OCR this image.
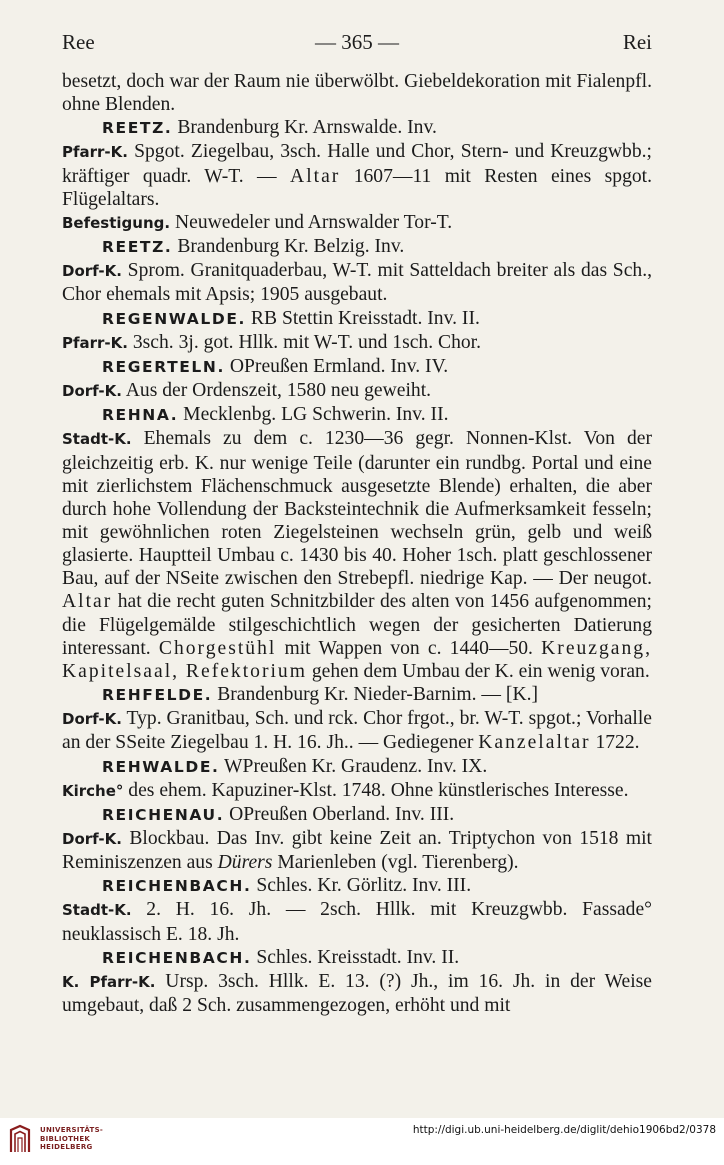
Ree	— 365 —	Rei

besetzt, doch war der Raum nie überwölbt. Giebeldekoration mit Fialenpfl. ohne Blenden.

REETZ. Brandenburg Kr. Arnswalde. Inv.

Pfarr-K. Spgot. Ziegelbau, 3sch. Halle und Chor, Stern- und Kreuzgwbb.; kräftiger quadr. W-T. — Altar 1607—11 mit Resten eines spgot. Flügelaltars.

Befestigung. Neuwedeler und Arnswalder Tor-T.

REETZ. Brandenburg Kr. Belzig. Inv.

Dorf-K. Sprom. Granitquaderbau, W-T. mit Satteldach breiter als das Sch., Chor ehemals mit Apsis; 1905 ausgebaut.

REGENWALDE. RB Stettin Kreisstadt. Inv. II.

Pfarr-K. 3sch. 3j. got. Hllk. mit W-T. und 1sch. Chor.

REGERTELN. OPreußen Ermland. Inv. IV.

Dorf-K. Aus der Ordenszeit, 1580 neu geweiht.

REHNA. Mecklenbg. LG Schwerin. Inv. II.

Stadt-K. Ehemals zu dem c. 1230—36 gegr. Nonnen-Klst. Von der gleichzeitig erb. K. nur wenige Teile (darunter ein rundbg. Portal und eine mit zierlichstem Flächenschmuck ausgesetzte Blende) erhalten, die aber durch hohe Vollendung der Backsteintechnik die Aufmerksamkeit fesseln; mit gewöhnlichen roten Ziegelsteinen wechseln grün, gelb und weiß glasierte. Hauptteil Umbau c. 1430 bis 40. Hoher 1sch. platt geschlossener Bau, auf der NSeite zwischen den Strebepfl. niedrige Kap. — Der neugot. Altar hat die recht guten Schnitzbilder des alten von 1456 aufgenommen; die Flügelgemälde stilgeschichtlich wegen der gesicherten Datierung interessant. Chorgestühl mit Wappen von c. 1440—50. Kreuzgang, Kapitelsaal, Refektorium gehen dem Umbau der K. ein wenig voran.

REHFELDE. Brandenburg Kr. Nieder-Barnim. — [K.]

Dorf-K. Typ. Granitbau, Sch. und rck. Chor frgot., br. W-T. spgot.; Vorhalle an der SSeite Ziegelbau 1. H. 16. Jh.. — Gediegener Kanzelaltar 1722.

REHWALDE. WPreußen Kr. Graudenz. Inv. IX.

Kirche° des ehem. Kapuziner-Klst. 1748. Ohne künstlerisches Interesse.

REICHENAU. OPreußen Oberland. Inv. III.

Dorf-K. Blockbau. Das Inv. gibt keine Zeit an. Triptychon von 1518 mit Reminiszenzen aus Dürers Marienleben (vgl. Tierenberg).

REICHENBACH. Schles. Kr. Görlitz. Inv. III.

Stadt-K. 2. H. 16. Jh. — 2sch. Hllk. mit Kreuzgwbb. Fassade° neuklassisch E. 18. Jh.

REICHENBACH. Schles. Kreisstadt. Inv. II.

K. Pfarr-K. Ursp. 3sch. Hllk. E. 13. (?) Jh., im 16. Jh. in der Weise umgebaut, daß 2 Sch. zusammengezogen, erhöht und mit

UNIVERSITÄTS-
BIBLIOTHEK
HEIDELBERG
http://digi.ub.uni-heidelberg.de/diglit/dehio1906bd2/0378
